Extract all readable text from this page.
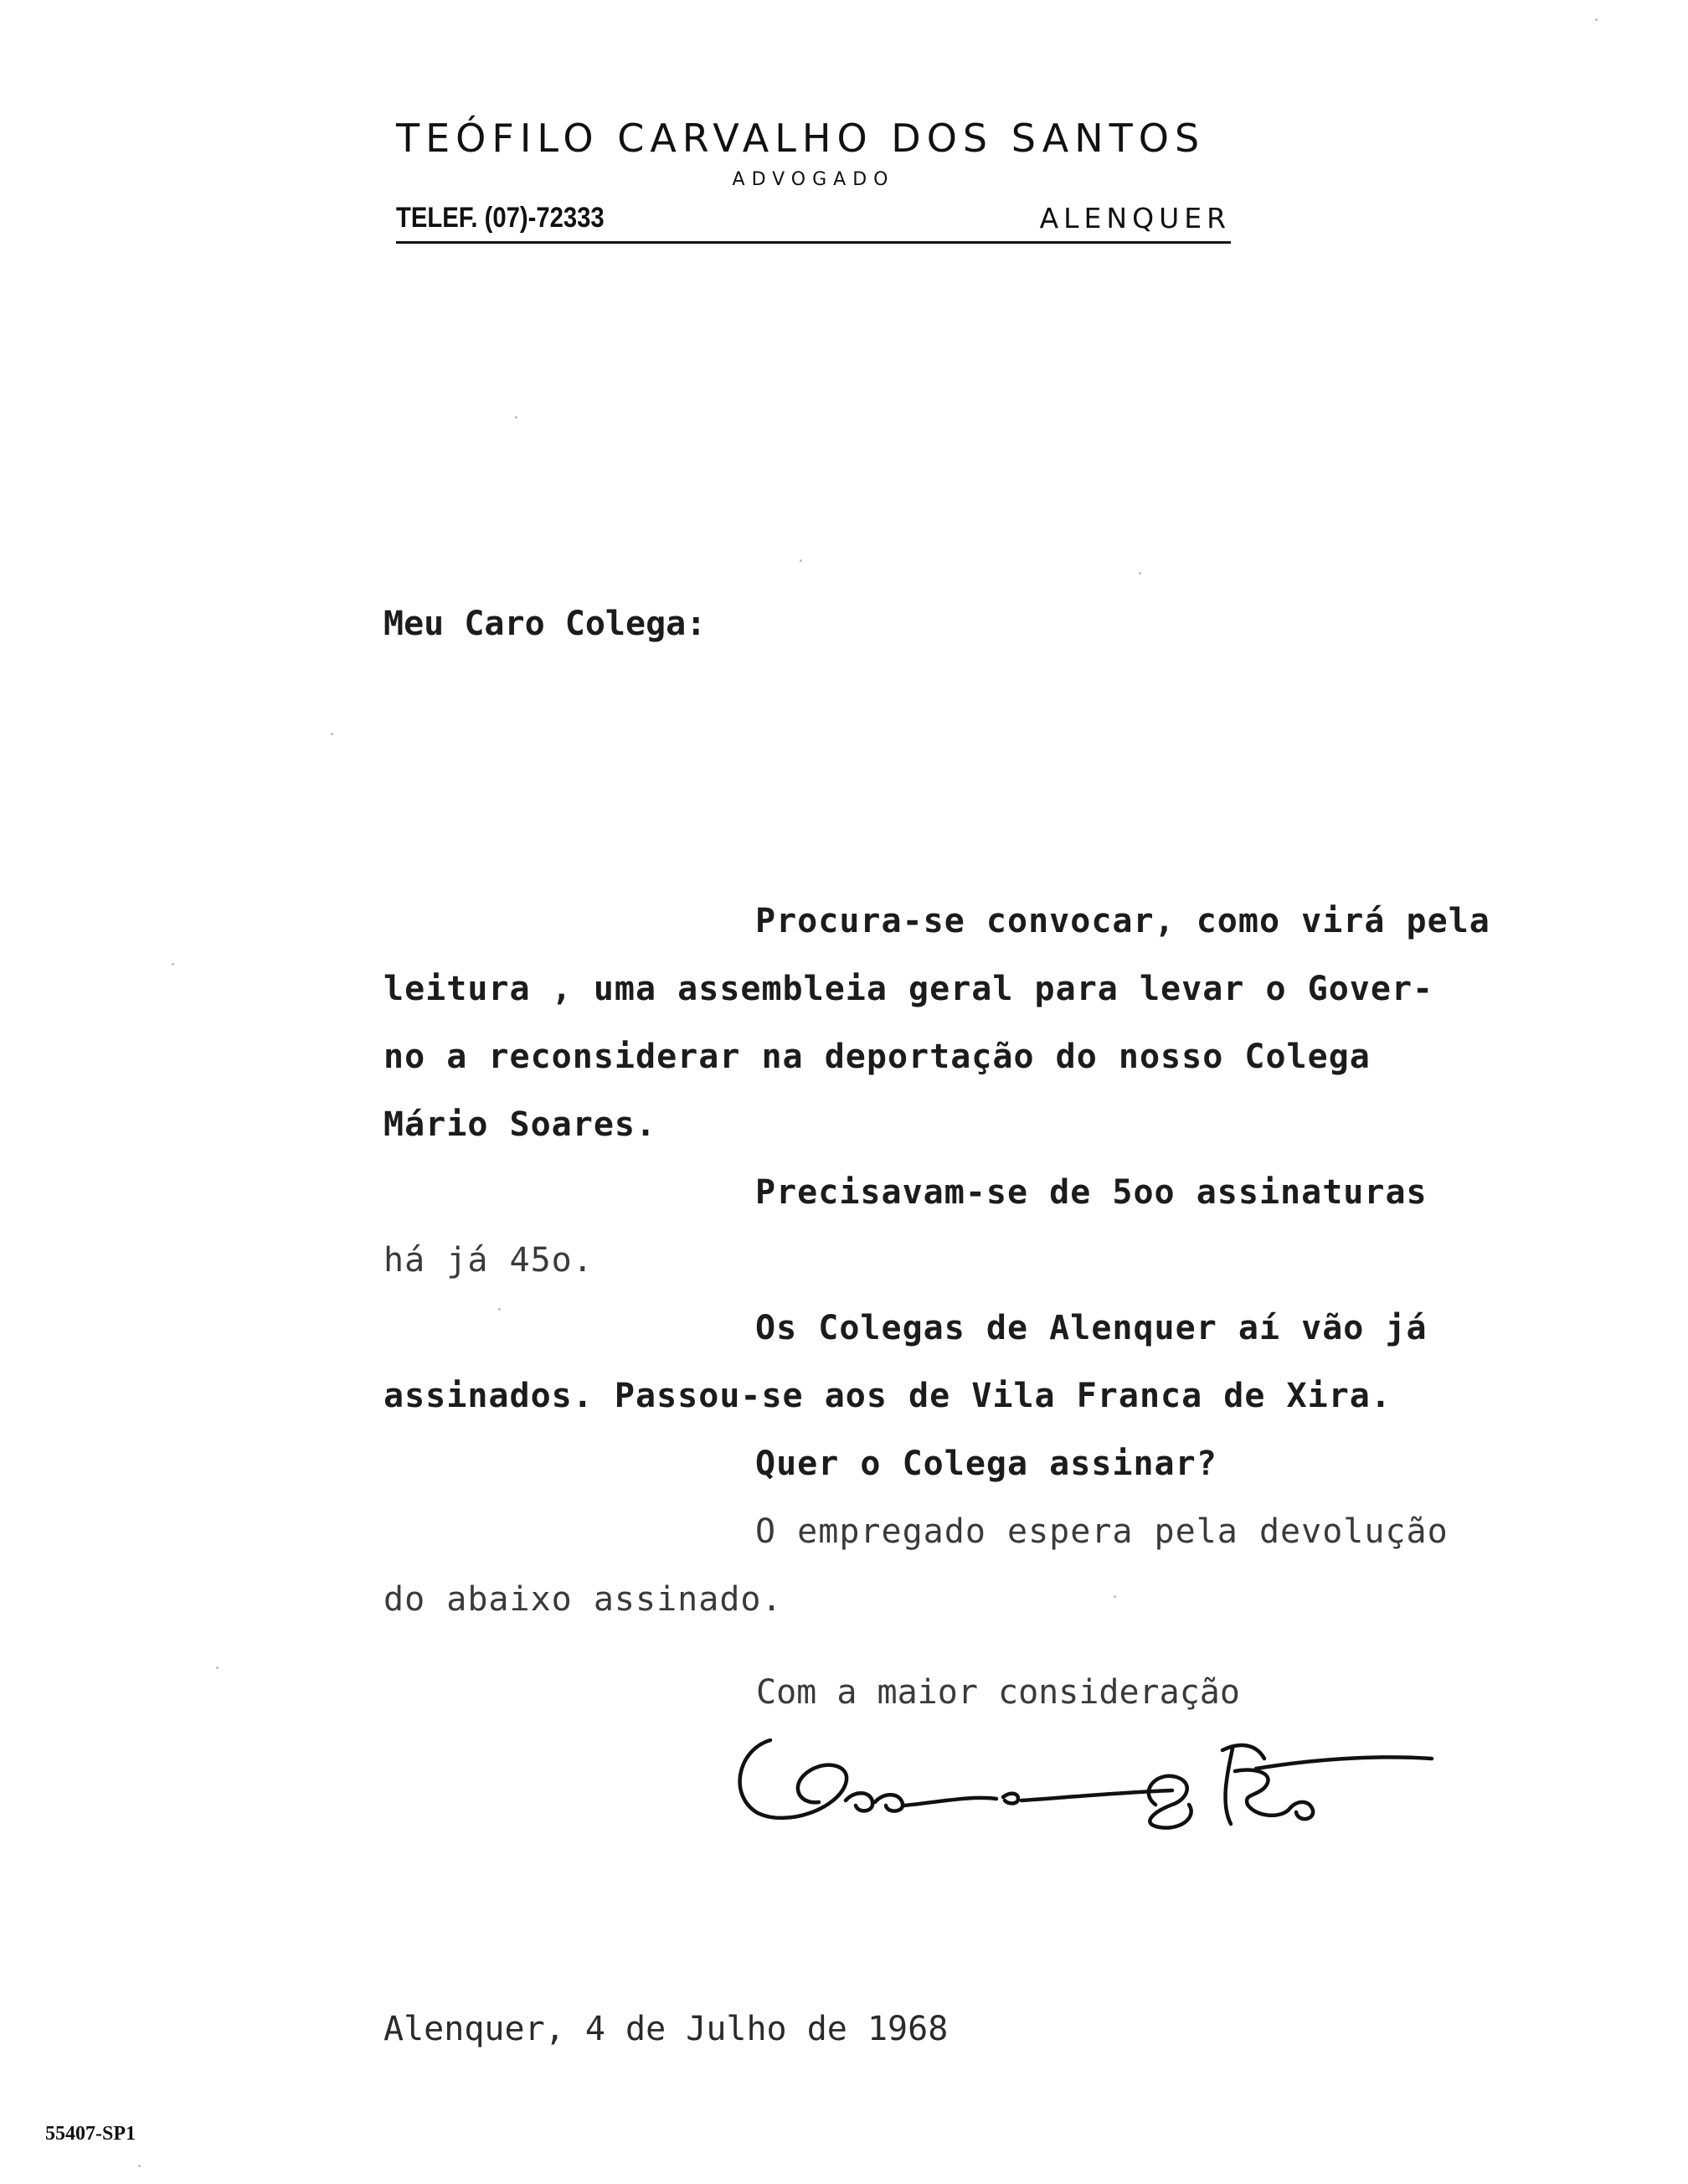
TEÓFILO CARVALHO DOS SANTOS
ADVOGADO
TELEF. (07)-72333	ALENQUER
Meu Caro Colega:
Procura-se convocar, como virá pela
leitura , uma assembleia geral para levar o Gover-
no a reconsiderar na deportação do nosso Colega
Mário Soares.
Precisavam-se de 5oo assinaturas
há já 45o.
Os Colegas de Alenquer aí vão já
assinados. Passou-se aos de Vila Franca de Xira.
Quer o Colega assinar?
O empregado espera pela devolução
do abaixo assinado.
Com a maior consideração
Alenquer, 4 de Julho de 1968
55407-SP1
